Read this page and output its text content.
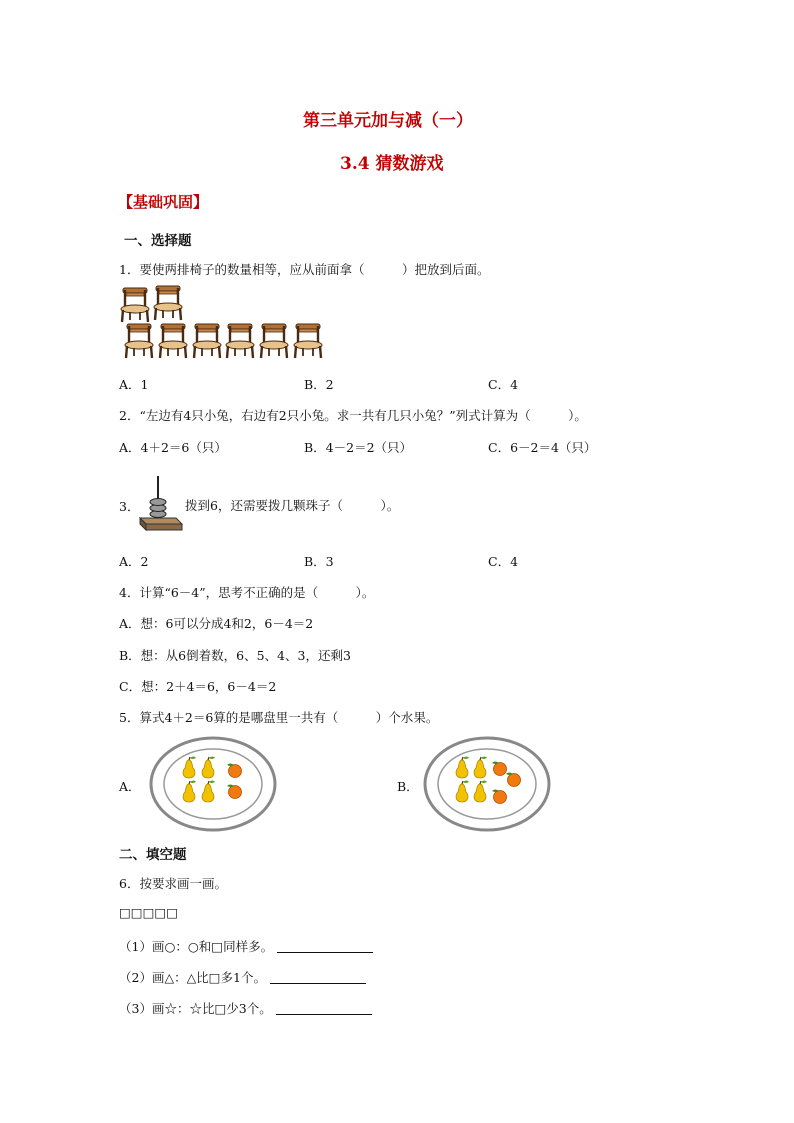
第三单元加与减（一）
3.4 猜数游戏
【基础巩固】
一、选择题
1．要使两排椅子的数量相等，应从前面拿（　　　）把放到后面。
A．1	B．2	C．4
2．“左边有4只小兔，右边有2只小兔。求一共有几只小兔？”列式计算为（　　　）。
A．4＋2＝6（只）	B．4－2＝2（只）	C．6－2＝4（只）
3．	拨到6，还需要拨几颗珠子（　　　）。
A．2	B．3	C．4
4．计算“6－4”，思考不正确的是（　　　）。
A．想：6可以分成4和2，6－4＝2
B．想：从6倒着数，6、5、4、3，还剩3
C．想：2＋4＝6，6－4＝2
5．算式4＋2＝6算的是哪盘里一共有（　　　）个水果。
A．	B．
二、填空题
6．按要求画一画。
□□□□□
（1）画○：○和□同样多。
（2）画△：△比□多1个。
（3）画☆：☆比□少3个。
